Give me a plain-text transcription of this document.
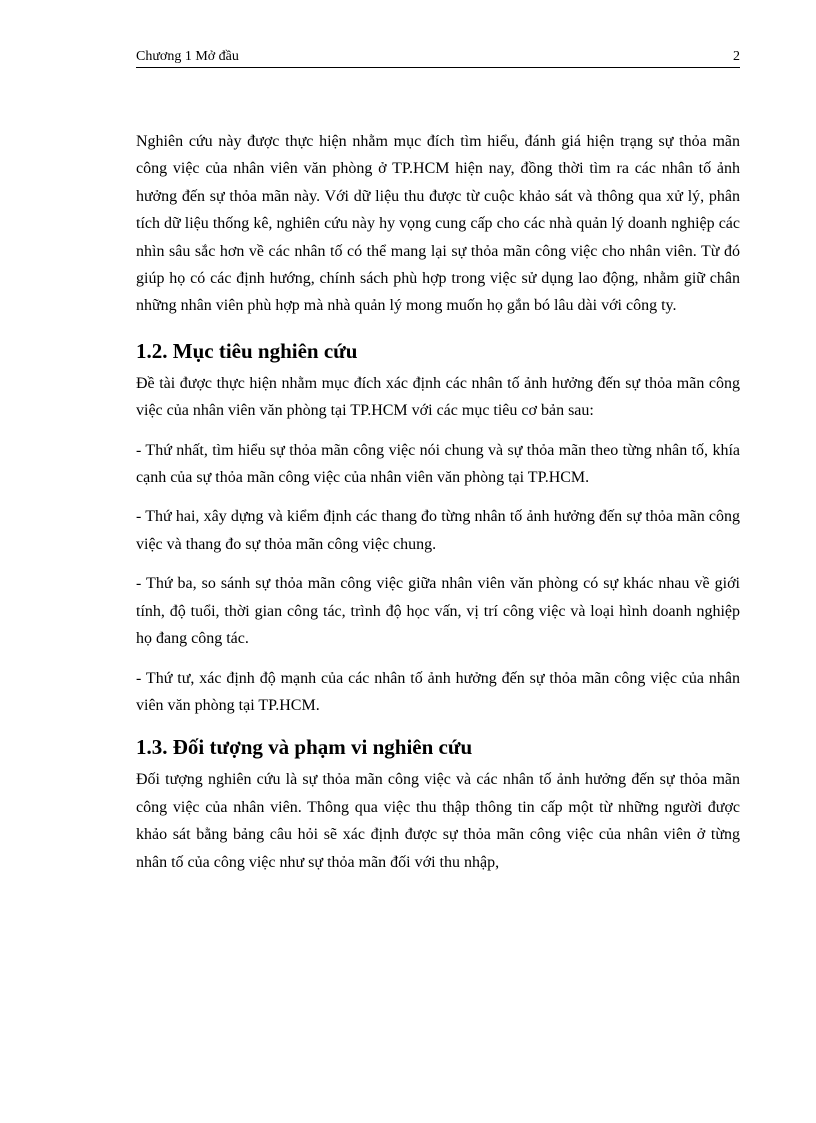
Chương 1 Mở đầu	2

Nghiên cứu này được thực hiện nhằm mục đích tìm hiểu, đánh giá hiện trạng sự thỏa mãn công việc của nhân viên văn phòng ở TP.HCM hiện nay, đồng thời tìm ra các nhân tố ảnh hưởng đến sự thỏa mãn này. Với dữ liệu thu được từ cuộc khảo sát và thông qua xử lý, phân tích dữ liệu thống kê, nghiên cứu này hy vọng cung cấp cho các nhà quản lý doanh nghiệp các nhìn sâu sắc hơn về các nhân tố có thể mang lại sự thỏa mãn công việc cho nhân viên. Từ đó giúp họ có các định hướng, chính sách phù hợp trong việc sử dụng lao động, nhằm giữ chân những nhân viên phù hợp mà nhà quản lý mong muốn họ gắn bó lâu dài với công ty.

1.2. Mục tiêu nghiên cứu

Đề tài được thực hiện nhằm mục đích xác định các nhân tố ảnh hưởng đến sự thỏa mãn công việc của nhân viên văn phòng tại TP.HCM với các mục tiêu cơ bản sau:

- Thứ nhất, tìm hiểu sự thỏa mãn công việc nói chung và sự thỏa mãn theo từng nhân tố, khía cạnh của sự thỏa mãn công việc của nhân viên văn phòng tại TP.HCM.

- Thứ hai, xây dựng và kiểm định các thang đo từng nhân tố ảnh hưởng đến sự thỏa mãn công việc và thang đo sự thỏa mãn công việc chung.

- Thứ ba, so sánh sự thỏa mãn công việc giữa nhân viên văn phòng có sự khác nhau về giới tính, độ tuổi, thời gian công tác, trình độ học vấn, vị trí công việc và loại hình doanh nghiệp họ đang công tác.

- Thứ tư, xác định độ mạnh của các nhân tố ảnh hưởng đến sự thỏa mãn công việc của nhân viên văn phòng tại TP.HCM.

1.3. Đối tượng và phạm vi nghiên cứu

Đối tượng nghiên cứu là sự thỏa mãn công việc và các nhân tố ảnh hưởng đến sự thỏa mãn công việc của nhân viên. Thông qua việc thu thập thông tin cấp một từ những người được khảo sát bằng bảng câu hỏi sẽ xác định được sự thỏa mãn công việc của nhân viên ở từng nhân tố của công việc như sự thỏa mãn đối với thu nhập,
